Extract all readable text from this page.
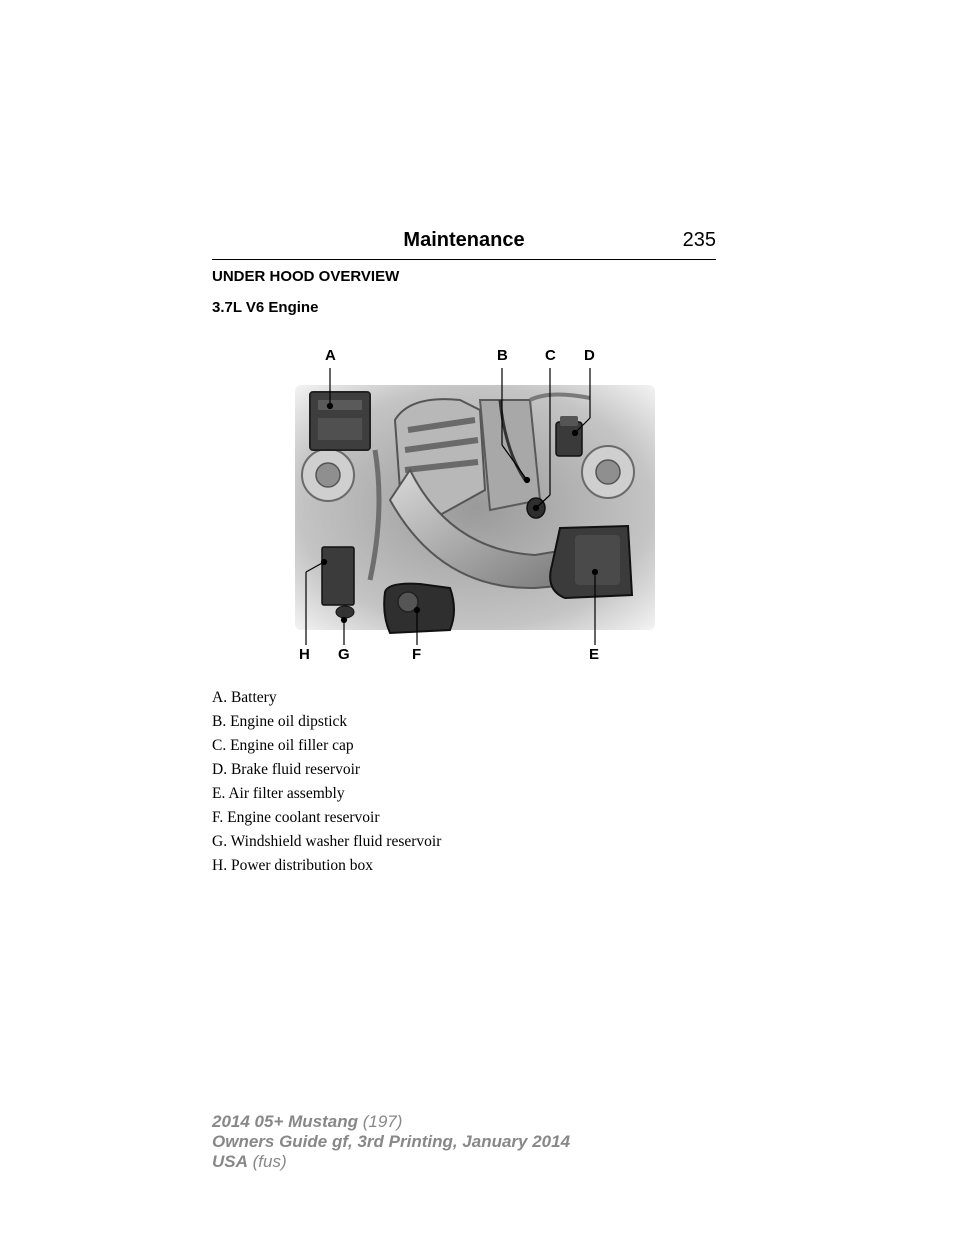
Maintenance	235
UNDER HOOD OVERVIEW
3.7L V6 Engine
A	B C D
H G	F	E
A. Battery
B. Engine oil dipstick
C. Engine oil filler cap
D. Brake fluid reservoir
E. Air filter assembly
F. Engine coolant reservoir
G. Windshield washer fluid reservoir
H. Power distribution box
2014 05+ Mustang (197)
Owners Guide gf, 3rd Printing, January 2014
USA (fus)
